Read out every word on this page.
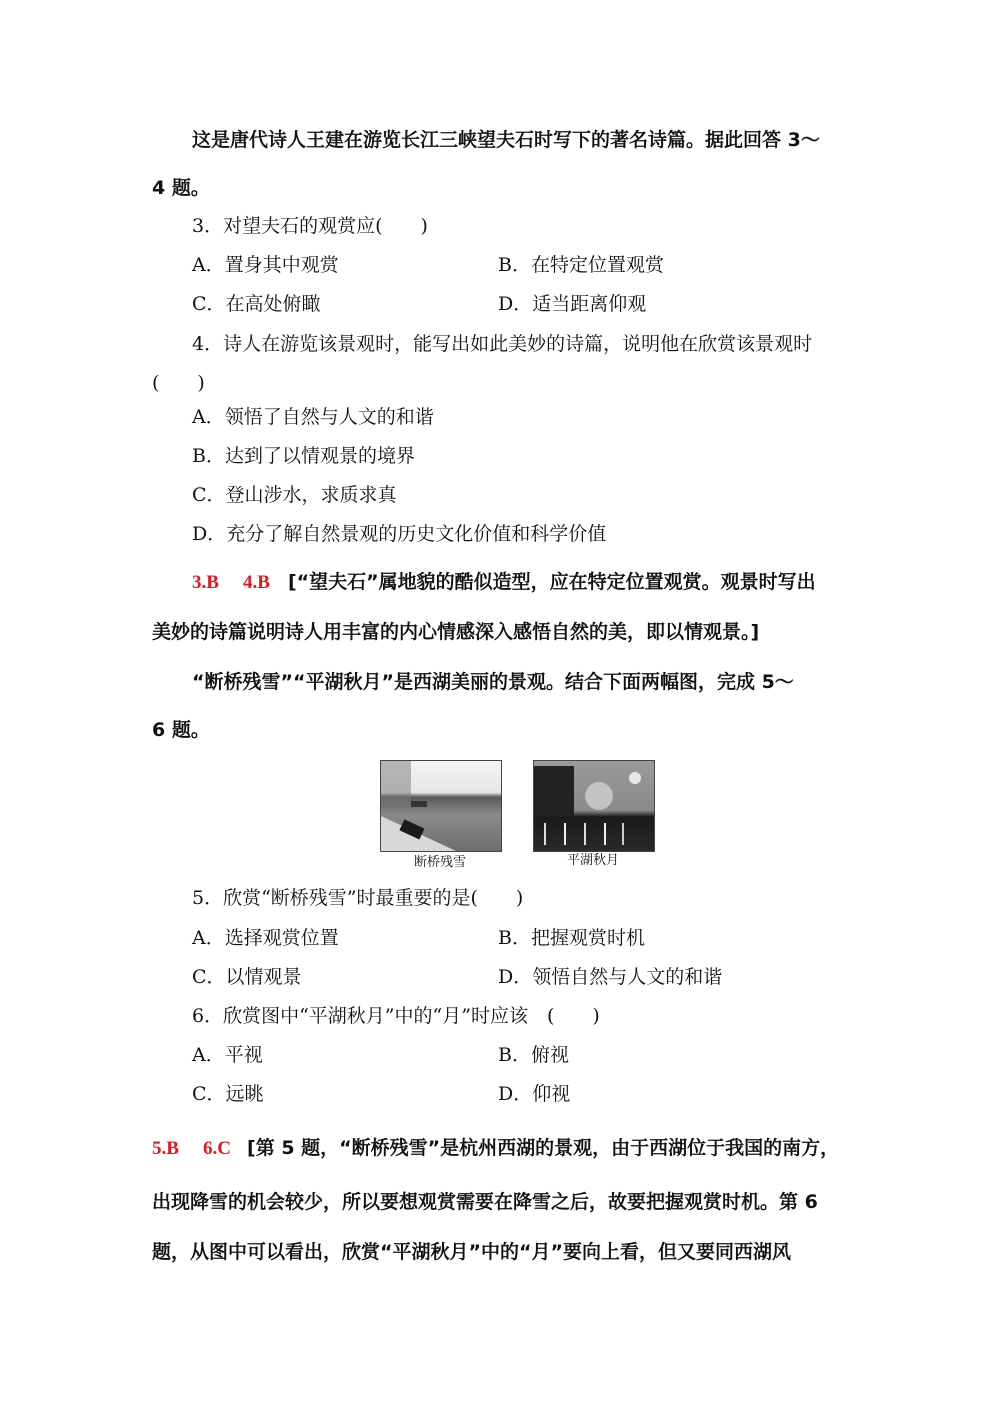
这是唐代诗人王建在游览长江三峡望夫石时写下的著名诗篇。据此回答 3～
4 题。
3．对望夫石的观赏应(　　)
A．置身其中观赏	B．在特定位置观赏
C．在高处俯瞰	D．适当距离仰观
4．诗人在游览该景观时，能写出如此美妙的诗篇，说明他在欣赏该景观时
(　　)
A．领悟了自然与人文的和谐
B．达到了以情观景的境界
C．登山涉水，求质求真
D．充分了解自然景观的历史文化价值和科学价值
3.B 4.B [“望夫石”属地貌的酷似造型，应在特定位置观赏。观景时写出
美妙的诗篇说明诗人用丰富的内心情感深入感悟自然的美，即以情观景。]
“断桥残雪”“平湖秋月”是西湖美丽的景观。结合下面两幅图，完成 5～
6 题。
断桥残雪	平湖秋月
5．欣赏“断桥残雪”时最重要的是(　　)
A．选择观赏位置	B．把握观赏时机
C．以情观景	D．领悟自然与人文的和谐
6．欣赏图中“平湖秋月”中的“月”时应该　(　　)
A．平视	B．俯视
C．远眺	D．仰视
5.B 6.C [第 5 题，“断桥残雪”是杭州西湖的景观，由于西湖位于我国的南方，
出现降雪的机会较少，所以要想观赏需要在降雪之后，故要把握观赏时机。第 6
题，从图中可以看出，欣赏“平湖秋月”中的“月”要向上看，但又要同西湖风
